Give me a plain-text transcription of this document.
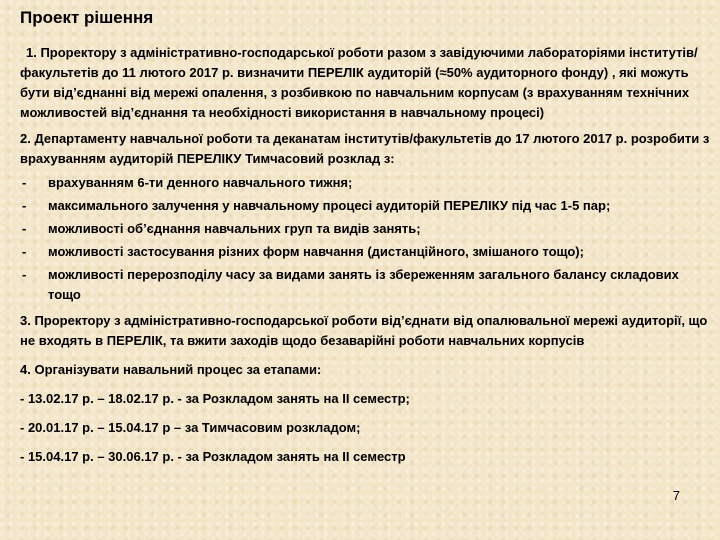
Проект рішення

1. Проректору з адміністративно-господарської роботи разом з завідуючими лабораторіями інститутів/факультетів до 11 лютого 2017 р. визначити ПЕРЕЛІК аудиторій (≈50% аудиторного фонду) , які можуть бути від’єднанні від мережі опалення, з розбивкою по навчальним корпусам (з врахуванням технічних можливостей від’єднання та необхідності використання в навчальному процесі)

2. Департаменту навчальної роботи та деканатам інститутів/факультетів до 17 лютого 2017 р. розробити з врахуванням аудиторій ПЕРЕЛІКУ Тимчасовий розклад з:

- врахуванням 6-ти денного навчального тижня;
- максимального залучення у навчальному процесі аудиторій ПЕРЕЛІКУ під час 1-5 пар;
- можливості об’єднання навчальних груп та видів занять;
- можливості застосування різних форм навчання (дистанційного, змішаного тощо);
- можливості перерозподілу часу за видами занять із збереженням загального балансу складових тощо

3. Проректору з адміністративно-господарської роботи від’єднати від опалювальної мережі аудиторії, що не входять в ПЕРЕЛІК, та вжити заходів щодо безаварійні роботи навчальних корпусів

4. Організувати навальний процес за етапами:

- 13.02.17 р. – 18.02.17 р. - за Розкладом занять на ІІ семестр;

- 20.01.17 р. – 15.04.17 р – за Тимчасовим розкладом;

- 15.04.17 р. – 30.06.17 р. - за Розкладом занять на ІІ семестр

7
